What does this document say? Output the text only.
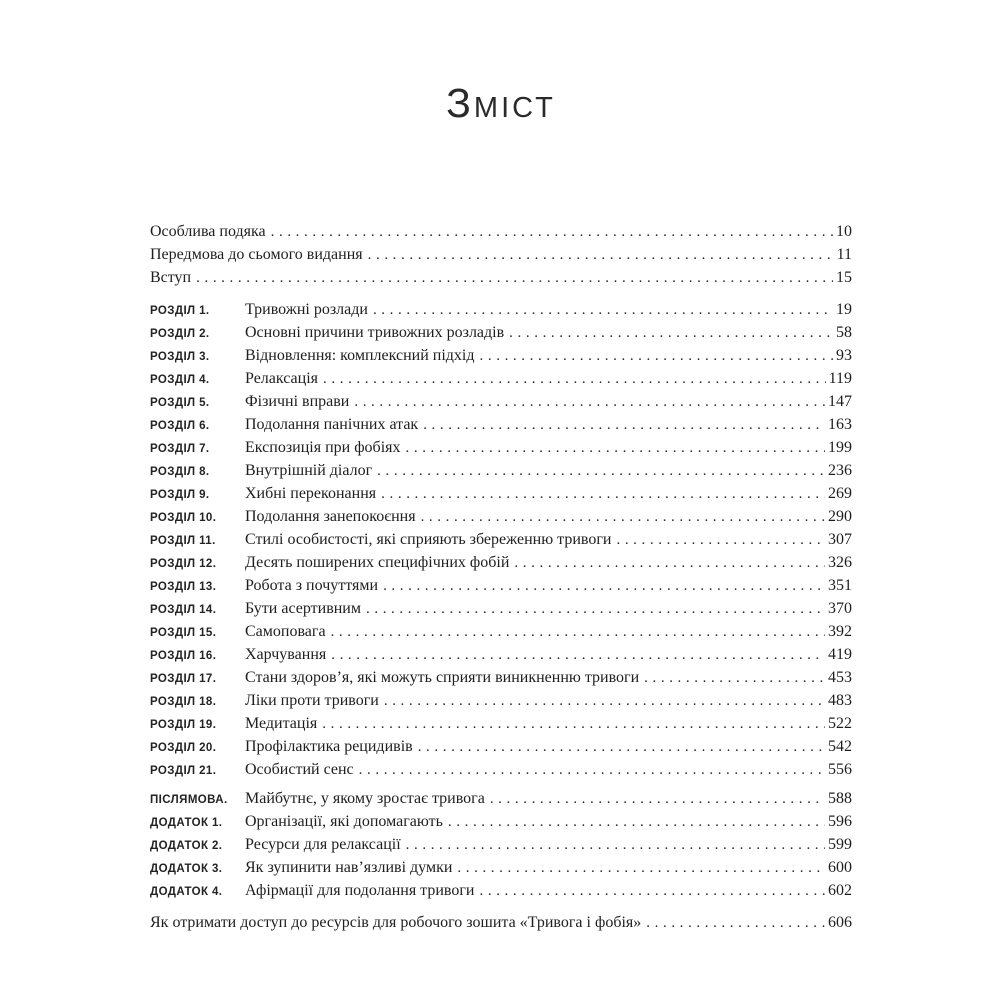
ЗМІСТ
Особлива подяка .....	10
Передмова до сьомого видання .....	11
Вступ .....	15
РОЗДІЛ 1.	Тривожні розлади .....	19
РОЗДІЛ 2.	Основні причини тривожних розладів .....	58
РОЗДІЛ 3.	Відновлення: комплексний підхід .....	93
РОЗДІЛ 4.	Релаксація .....	119
РОЗДІЛ 5.	Фізичні вправи .....	147
РОЗДІЛ 6.	Подолання панічних атак .....	163
РОЗДІЛ 7.	Експозиція при фобіях .....	199
РОЗДІЛ 8.	Внутрішній діалог .....	236
РОЗДІЛ 9.	Хибні переконання .....	269
РОЗДІЛ 10.	Подолання занепокоєння .....	290
РОЗДІЛ 11.	Стилі особистості, які сприяють збереженню тривоги .....	307
РОЗДІЛ 12.	Десять поширених специфічних фобій .....	326
РОЗДІЛ 13.	Робота з почуттями .....	351
РОЗДІЛ 14.	Бути асертивним .....	370
РОЗДІЛ 15.	Самоповага .....	392
РОЗДІЛ 16.	Харчування .....	419
РОЗДІЛ 17.	Стани здоров’я, які можуть сприяти виникненню тривоги .....	453
РОЗДІЛ 18.	Ліки проти тривоги .....	483
РОЗДІЛ 19.	Медитація .....	522
РОЗДІЛ 20.	Профілактика рецидивів .....	542
РОЗДІЛ 21.	Особистий сенс .....	556
ПІСЛЯМОВА.	Майбутнє, у якому зростає тривога .....	588
ДОДАТОК 1.	Організації, які допомагають .....	596
ДОДАТОК 2.	Ресурси для релаксації .....	599
ДОДАТОК 3.	Як зупинити нав’язливі думки .....	600
ДОДАТОК 4.	Афірмації для подолання тривоги .....	602
Як отримати доступ до ресурсів для робочого зошита «Тривога і фобія» .....	606
